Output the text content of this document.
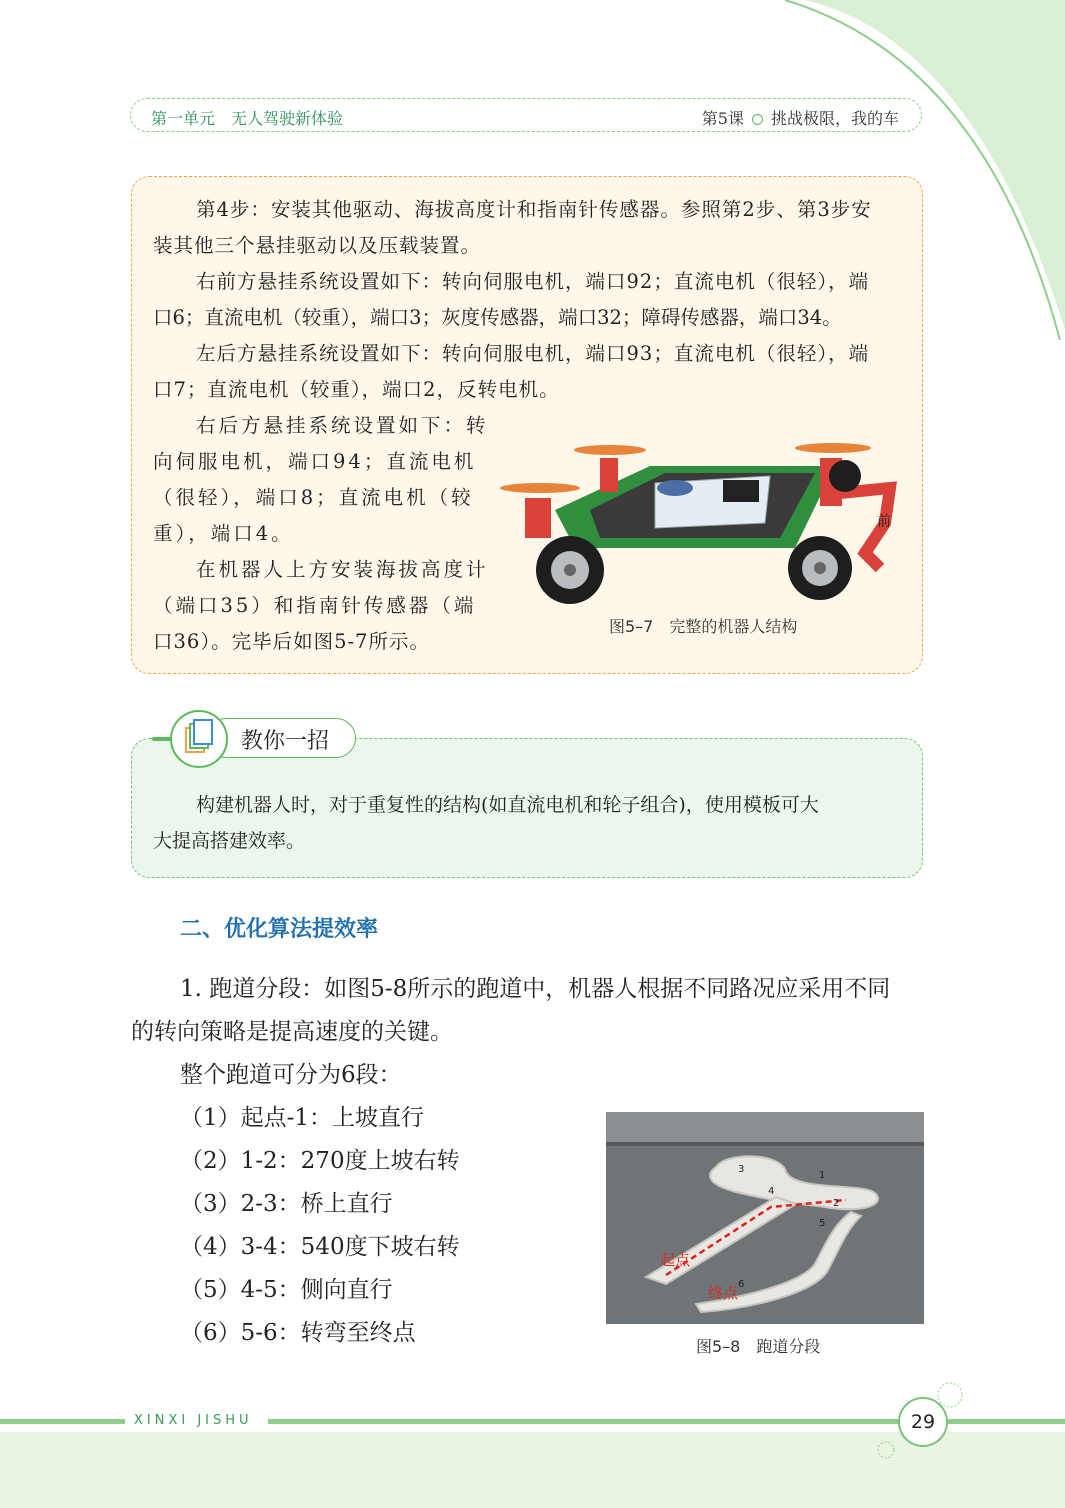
第一单元　无人驾驶新体验	第5课 挑战极限，我的车

第4步：安装其他驱动、海拔高度计和指南针传感器。参照第2步、第3步安

装其他三个悬挂驱动以及压载装置。

右前方悬挂系统设置如下：转向伺服电机，端口92；直流电机（很轻），端

口6；直流电机（较重），端口3；灰度传感器，端口32；障碍传感器，端口34。

左后方悬挂系统设置如下：转向伺服电机，端口93；直流电机（很轻），端

口7；直流电机（较重），端口2，反转电机。

右后方悬挂系统设置如下：转

向伺服电机，端口94；直流电机

（很轻），端口8；直流电机（较

重），端口4。

在机器人上方安装海拔高度计

（端口35）和指南针传感器（端

口36）。完毕后如图5-7所示。

前
图5–7　完整的机器人结构
教你一招

构建机器人时，对于重复性的结构(如直流电机和轮子组合)，使用模板可大

大提高搭建效率。

二、优化算法提效率

1. 跑道分段：如图5-8所示的跑道中，机器人根据不同路况应采用不同

的转向策略是提高速度的关键。

整个跑道可分为6段：

（1）起点-1：上坡直行

（2）1-2：270度上坡右转

（3）2-3：桥上直行

（4）3-4：540度下坡右转

（5）4-5：侧向直行

（6）5-6：转弯至终点

1
2
3
4
5
6
起点
终点
图5–8　跑道分段
XINXI JISHU	29
